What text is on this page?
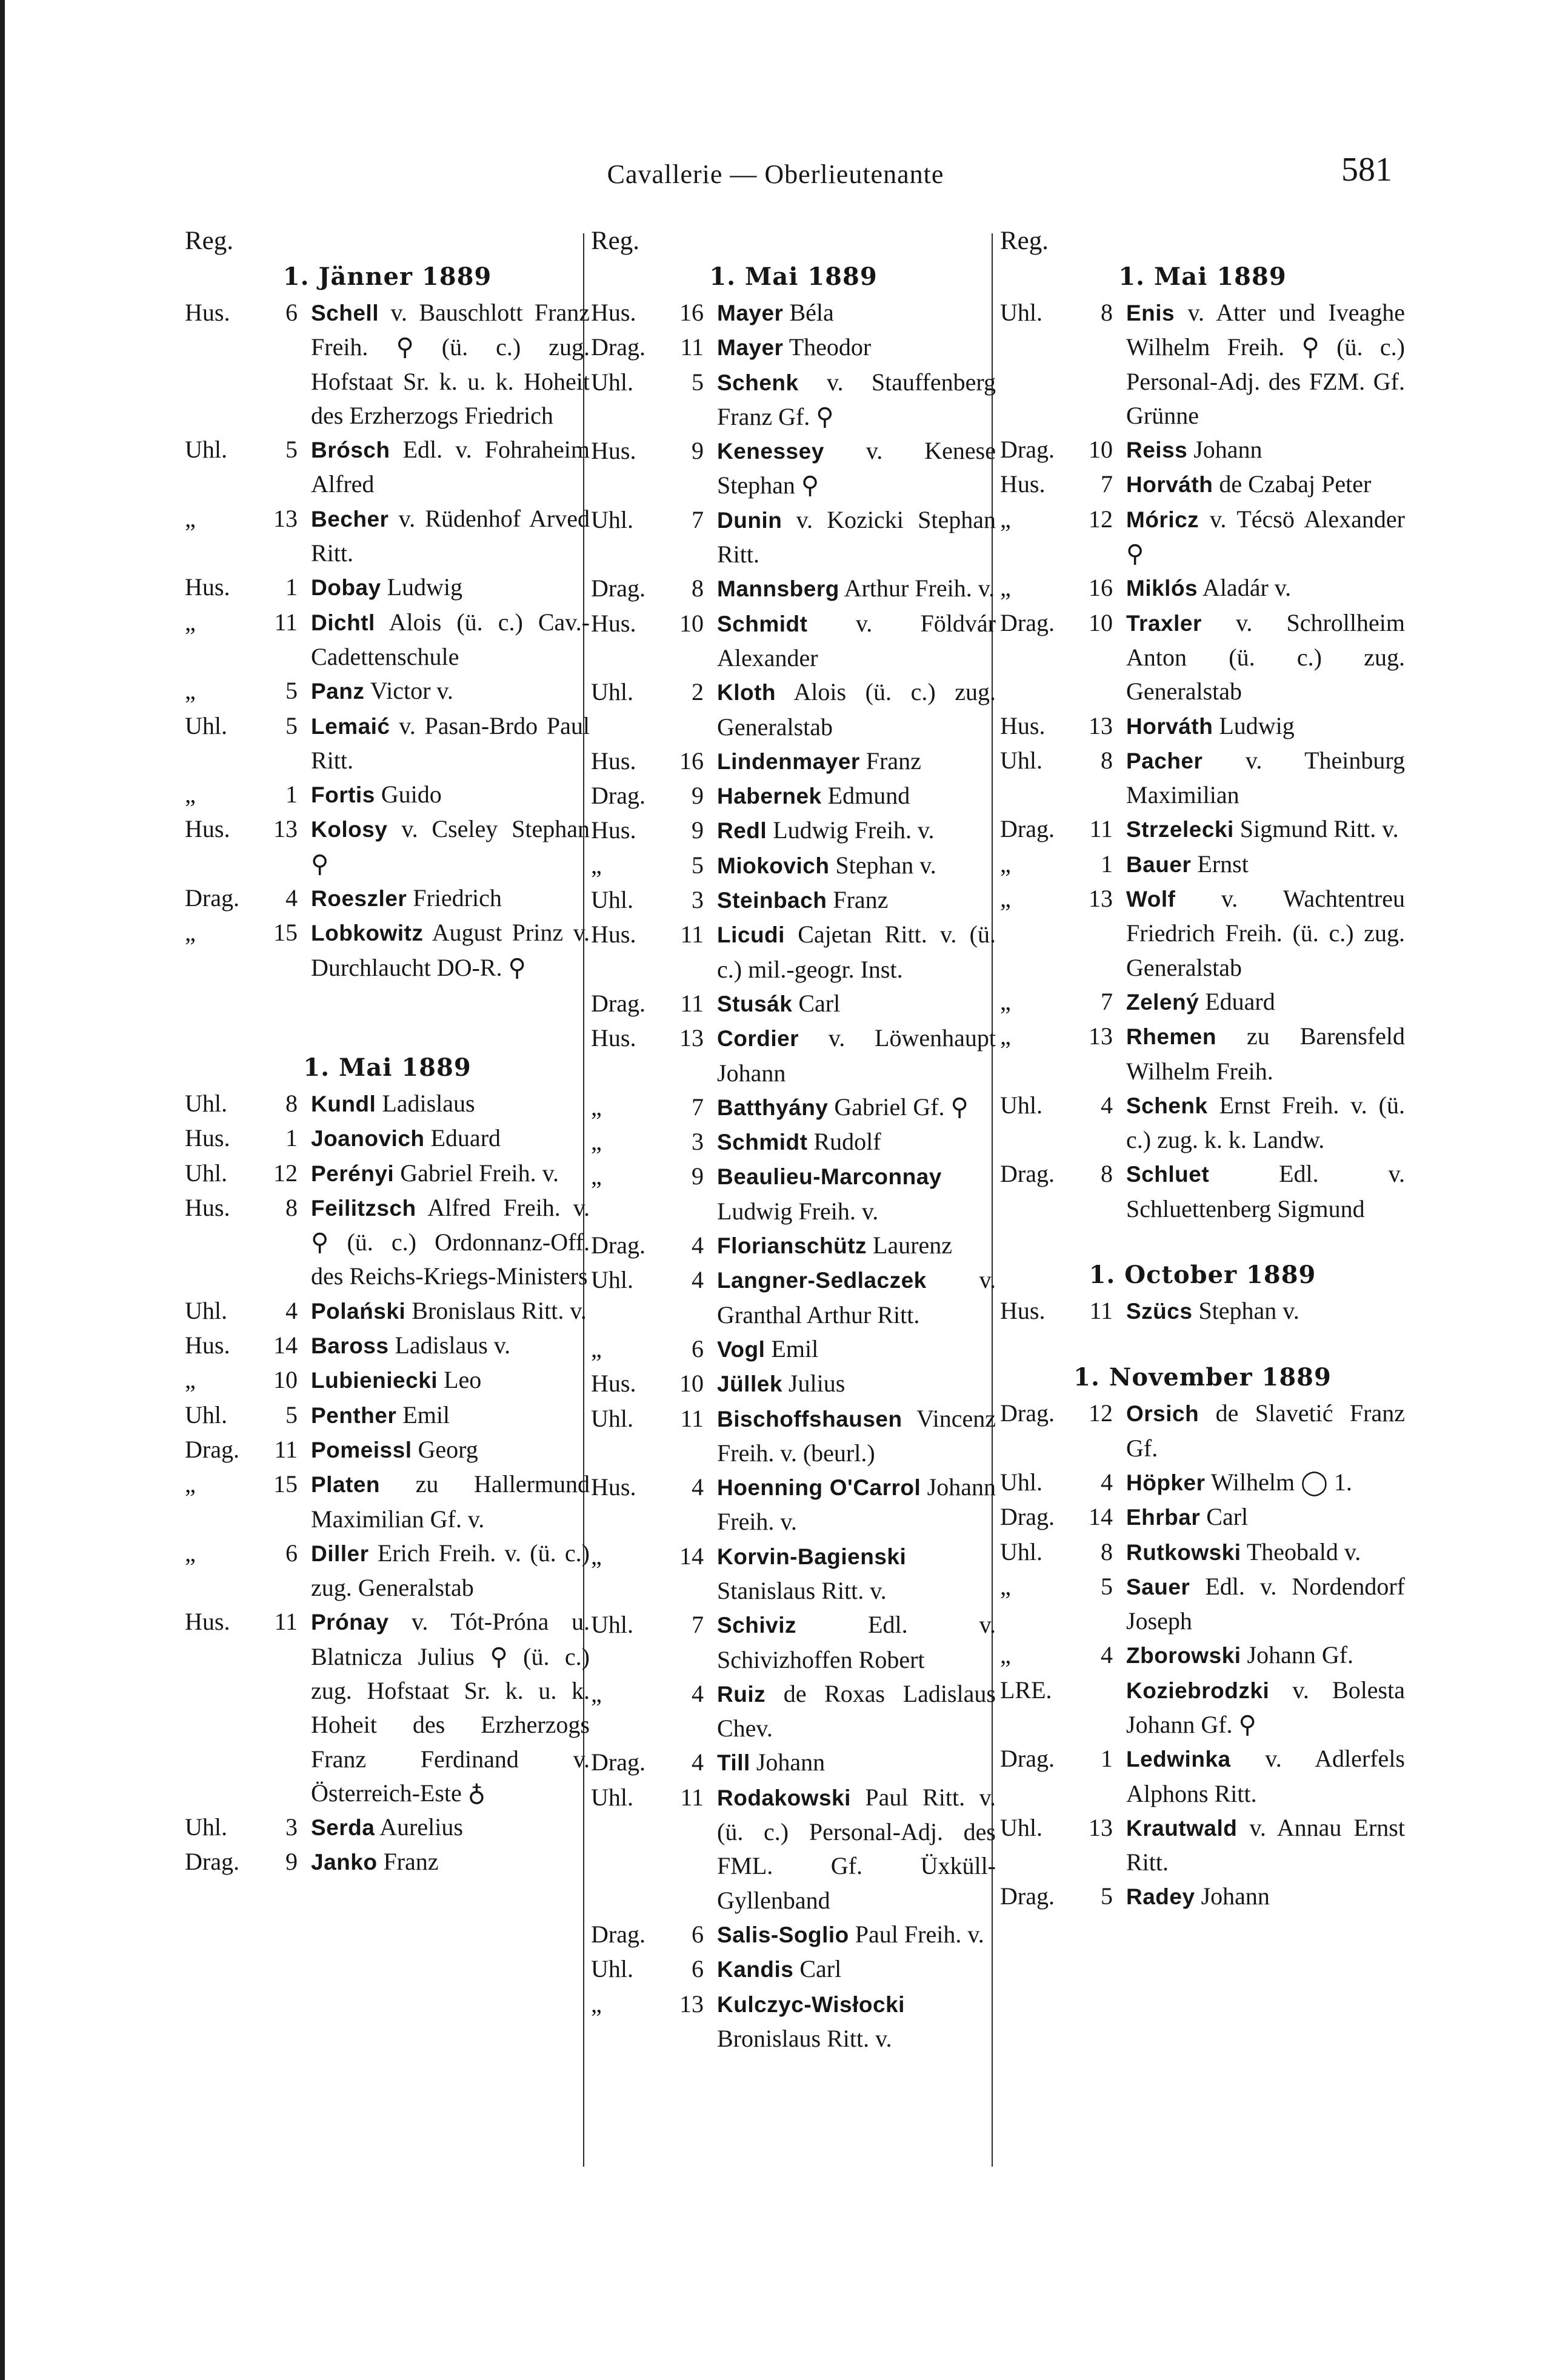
Cavallerie — Oberlieutenante	581
Reg.
1. Jänner 1889
Hus.	6 Schell v. Bauschlott Franz Freih. ⚲ (ü. c.) zug. Hofstaat Sr. k. u. k. Hoheit des Erzherzogs Friedrich
Uhl.	5 Brósch Edl. v. Fohraheim Alfred
„	13 Becher v. Rüdenhof Arved Ritt.
Hus.	1 Dobay Ludwig
„	11 Dichtl Alois (ü. c.) Cav.-Cadettenschule
„	5 Panz Victor v.
Uhl.	5 Lemaić v. Pasan-Brdo Paul Ritt.
„	1 Fortis Guido
Hus.	13 Kolosy v. Cseley Stephan ⚲
Drag.	4 Roeszler Friedrich
„	15 Lobkowitz August Prinz v. Durchlaucht DO-R. ⚲
1. Mai 1889
Uhl.	8 Kundl Ladislaus
Hus.	1 Joanovich Eduard
Uhl.	12 Perényi Gabriel Freih. v.
Hus.	8 Feilitzsch Alfred Freih. v. ⚲ (ü. c.) Ordonnanz-Off. des Reichs-Kriegs-Ministers
Uhl.	4 Polański Bronislaus Ritt. v.
Hus.	14 Baross Ladislaus v.
„	10 Lubieniecki Leo
Uhl.	5 Penther Emil
Drag.	11 Pomeissl Georg
„	15 Platen zu Hallermund Maximilian Gf. v.
„	6 Diller Erich Freih. v. (ü. c.) zug. Generalstab
Hus.	11 Prónay v. Tót-Próna u. Blatnicza Julius ⚲ (ü. c.) zug. Hofstaat Sr. k. u. k. Hoheit des Erzherzogs Franz Ferdinand v. Österreich-Este ♁
Uhl.	3 Serda Aurelius
Drag.	9 Janko Franz
Reg.
1. Mai 1889
Hus.	16 Mayer Béla
Drag.	11 Mayer Theodor
Uhl.	5 Schenk v. Stauffenberg Franz Gf. ⚲
Hus.	9 Kenessey v. Kenese Stephan ⚲
Uhl.	7 Dunin v. Kozicki Stephan Ritt.
Drag.	8 Mannsberg Arthur Freih. v.
Hus.	10 Schmidt v. Földvár Alexander
Uhl.	2 Kloth Alois (ü. c.) zug. Generalstab
Hus.	16 Lindenmayer Franz
Drag.	9 Habernek Edmund
Hus.	9 Redl Ludwig Freih. v.
„	5 Miokovich Stephan v.
Uhl.	3 Steinbach Franz
Hus.	11 Licudi Cajetan Ritt. v. (ü. c.) mil.-geogr. Inst.
Drag.	11 Stusák Carl
Hus.	13 Cordier v. Löwenhaupt Johann
„	7 Batthyány Gabriel Gf. ⚲
„	3 Schmidt Rudolf
„	9 Beaulieu-Marconnay Ludwig Freih. v.
Drag.	4 Florianschütz Laurenz
Uhl.	4 Langner-Sedlaczek v. Granthal Arthur Ritt.
„	6 Vogl Emil
Hus.	10 Jüllek Julius
Uhl.	11 Bischoffshausen Vincenz Freih. v. (beurl.)
Hus.	4 Hoenning O'Carrol Johann Freih. v.
„	14 Korvin-Bagienski Stanislaus Ritt. v.
Uhl.	7 Schiviz Edl. v. Schivizhoffen Robert
„	4 Ruiz de Roxas Ladislaus Chev.
Drag.	4 Till Johann
Uhl.	11 Rodakowski Paul Ritt. v. (ü. c.) Personal-Adj. des FML. Gf. Üxküll-Gyllenband
Drag.	6 Salis-Soglio Paul Freih. v.
Uhl.	6 Kandis Carl
„	13 Kulczyc-Wisłocki Bronislaus Ritt. v.
Reg.
1. Mai 1889
Uhl.	8 Enis v. Atter und Iveaghe Wilhelm Freih. ⚲ (ü. c.) Personal-Adj. des FZM. Gf. Grünne
Drag.	10 Reiss Johann
Hus.	7 Horváth de Czabaj Peter
„	12 Móricz v. Técsö Alexander ⚲
„	16 Miklós Aladár v.
Drag.	10 Traxler v. Schrollheim Anton (ü. c.) zug. Generalstab
Hus.	13 Horváth Ludwig
Uhl.	8 Pacher v. Theinburg Maximilian
Drag.	11 Strzelecki Sigmund Ritt. v.
„	1 Bauer Ernst
„	13 Wolf v. Wachtentreu Friedrich Freih. (ü. c.) zug. Generalstab
„	7 Zelený Eduard
„	13 Rhemen zu Barensfeld Wilhelm Freih.
Uhl.	4 Schenk Ernst Freih. v. (ü. c.) zug. k. k. Landw.
Drag.	8 Schluet Edl. v. Schluettenberg Sigmund
1. October 1889
Hus.	11 Szücs Stephan v.
1. November 1889
Drag.	12 Orsich de Slavetić Franz Gf.
Uhl.	4 Höpker Wilhelm ◯ 1.
Drag.	14 Ehrbar Carl
Uhl.	8 Rutkowski Theobald v.
„	5 Sauer Edl. v. Nordendorf Joseph
„	4 Zborowski Johann Gf.
LRE.	Koziebrodzki v. Bolesta Johann Gf. ⚲
Drag.	1 Ledwinka v. Adlerfels Alphons Ritt.
Uhl.	13 Krautwald v. Annau Ernst Ritt.
Drag.	5 Radey Johann
